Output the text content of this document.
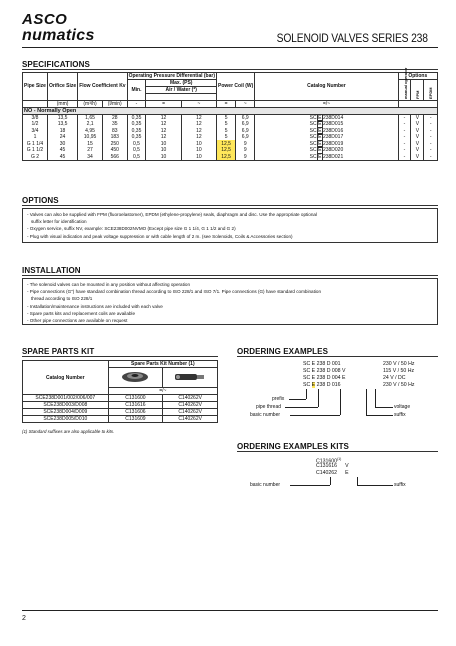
ASCO
numatics	SOLENOID VALVES SERIES 238
SPECIFICATIONS
Pipe Size	Orifice Size	Flow Coefficient Kv		Operating Pressure Differential (bar)			Power Coil (W)		Catalog Number	Options		
				Min.	Max. (PS)					manual operator	FPM	EPDM

					Air / Water (*)							

	(mm)	(m³/h)	(l/min)	-	=	~	=	~	=/~			
NO - Normally Open												
3/8	13,5	1,65	28	0,35	12	12	5	6,9	SC E 238D014	-	V	-
1/2	13,5	2,1	35	0,35	12	12	5	6,9	SC E 238D015	-	V	-
3/4	18	4,95	83	0,35	12	12	5	6,9	SC E 238D016	-	V	-
1	24	10,95	183	0,35	12	12	5	6,9	SC E 238D017	-	V	-
G 1 1/4	30	15	250	0,5	10	10	12,5	9	SC E 238D019	-	V	-
G 1 1/2	45	27	450	0,5	10	10	12,5	9	SC E 238D020	-	V	-
G 2	45	34	566	0,5	10	10	12,5	9	SC E 238D021	-	V	-
OPTIONS
- Valves can also be supplied with FPM (fluoroelastomer), EPDM (ethylene-propylene) seals, diaphragm and disc. Use the appropriate optional
suffix letter for identification
- Oxygen service, suffix NV, example: SCE238D002NVMO (Except pipe size G 1 1/4, G 1 1/2 and G 2)
- Plug with visual indication and peak voltage suppression or with cable length of 2 m. (see Solenoids, Coils & Accessories section)
INSTALLATION
- The solenoid valves can be mounted in any position without affecting operation
- Pipe connections (G") have standard combination thread according to ISO 228/1 and ISO 7/1. Pipe connections (G) have standard combination
thread according to ISO 228/1
- Installation/maintenance instructions are included with each valve
- Spare parts kits and replacement coils are available
- Other pipe connections are available on request
SPARE PARTS KIT
Catalog Number	Spare Parts Kit Number (1)	

	=/~	
SCE238D001/002/006/007	C131600	C140262V
SCE238D003/D008	C131616	C140262V
SCE238D004/D009	C131606	C140262V
SCE238D005/D010	C131609	C140262V
(1) Standard suffixes are also applicable to kits.
ORDERING EXAMPLES
SC E 238 D 001	230 V / 50 Hz
SC E 238 D 008 V	115 V / 50 Hz
SC E 238 D 004 E	24 V / DC
SC E 238 D 016	230 V / 50 Hz
prefix
pipe thread
basic number
voltage
suffix
ORDERING EXAMPLES KITS
C131600$^{(1)}$
C131616 V
C140262 E
basic number	suffix
2
